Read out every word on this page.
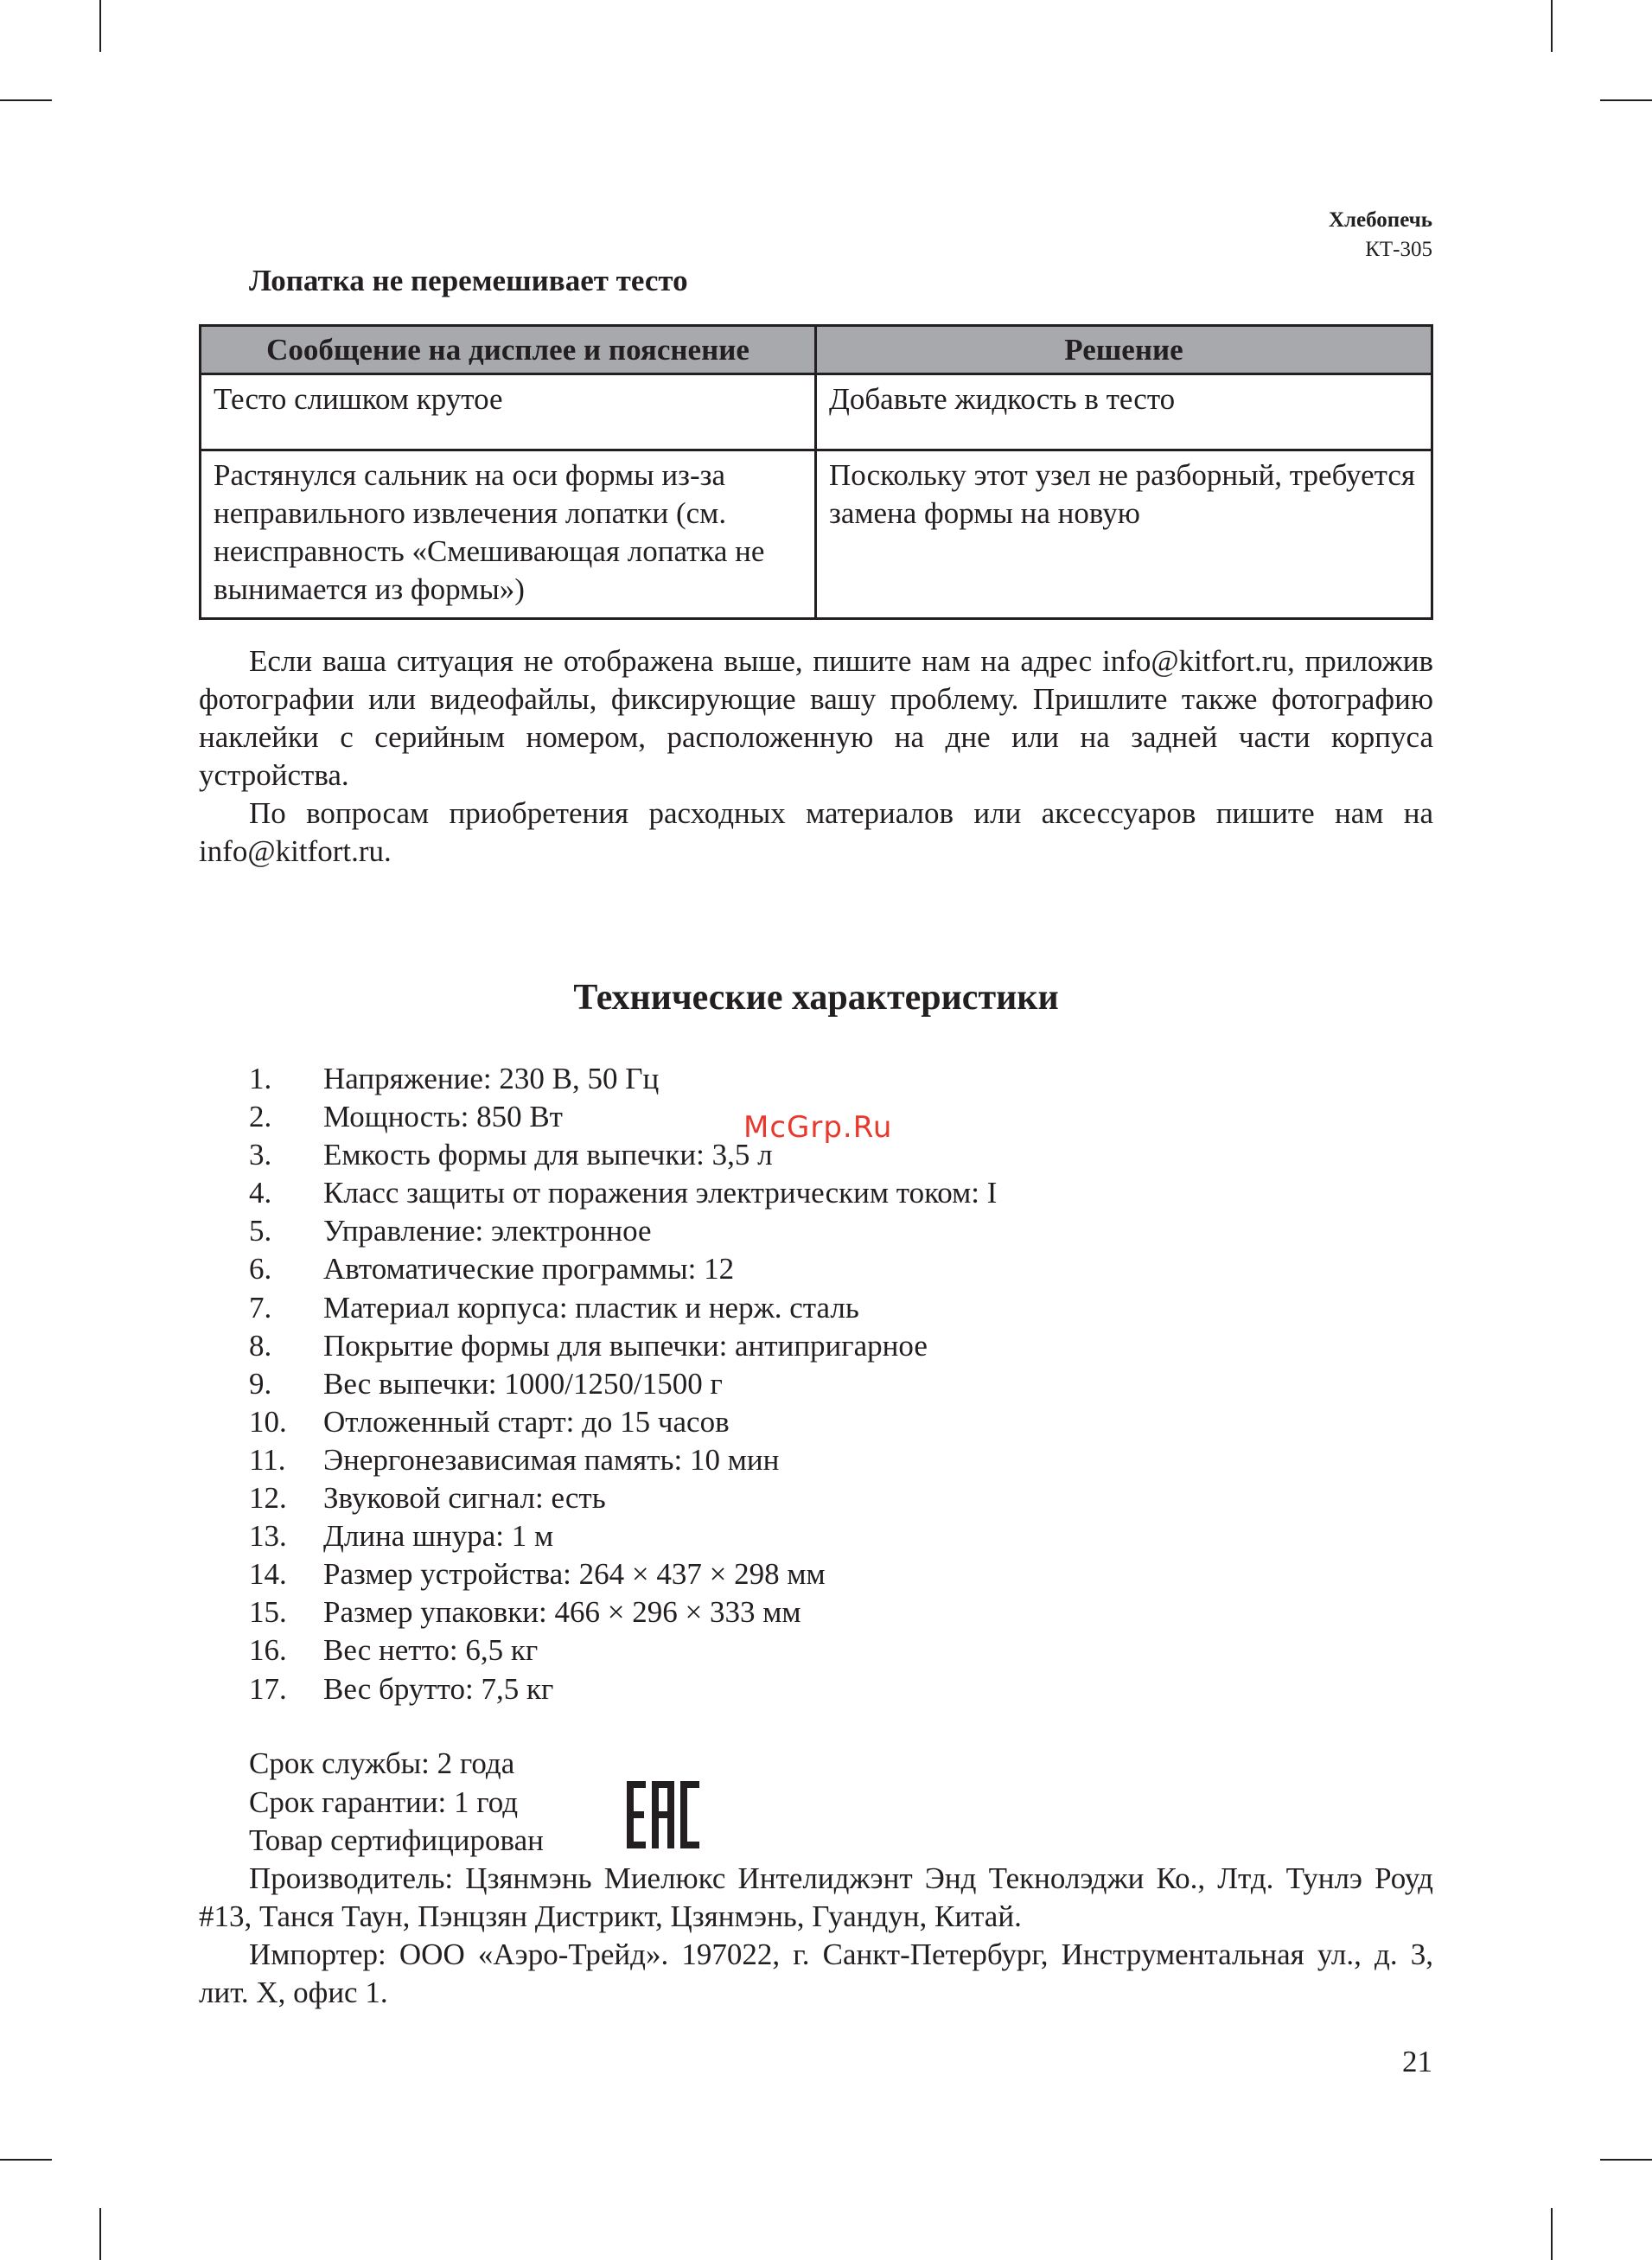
Хлебопечь
КТ-305
Лопатка не перемешивает тесто
Сообщение на дисплее и пояснение	Решение
Тесто слишком крутое	Добавьте жидкость в тесто
Растянулся сальник на оси формы из-за неправильного извлечения лопатки (см. неисправность «Смешивающая лопатка не вынимается из формы»)	Поскольку этот узел не разборный, требуется замена формы на новую

Если ваша ситуация не отображена выше, пишите нам на адрес info@kitfort.ru, приложив фотографии или видеофайлы, фиксирующие вашу проблему. Пришлите также фотографию наклейки с серийным номером, расположенную на дне или на задней части корпуса устройства.

По вопросам приобретения расходных материалов или аксессуаров пишите нам на info@kitfort.ru.

Технические характеристики
1.	Напряжение: 230 В, 50 Гц
2.	Мощность: 850 Вт
3.	Емкость формы для выпечки: 3,5 л
4.	Класс защиты от поражения электрическим током: I
5.	Управление: электронное
6.	Автоматические программы: 12
7.	Материал корпуса: пластик и нерж. сталь
8.	Покрытие формы для выпечки: антипригарное
9.	Вес выпечки: 1000/1250/1500 г
10.	Отложенный старт: до 15 часов
11.	Энергонезависимая память: 10 мин
12.	Звуковой сигнал: есть
13.	Длина шнура: 1 м
14.	Размер устройства: 264 × 437 × 298 мм
15.	Размер упаковки: 466 × 296 × 333 мм
16.	Вес нетто: 6,5 кг
17.	Вес брутто: 7,5 кг
McGrp.Ru
Срок службы: 2 года
Срок гарантии: 1 год
Товар сертифицирован

Производитель: Цзянмэнь Миелюкс Интелиджэнт Энд Текнолэджи Ко., Лтд. Тунлэ Роуд #13, Танся Таун, Пэнцзян Дистрикт, Цзянмэнь, Гуандун, Китай.

Импортер: ООО «Аэро-Трейд». 197022, г. Санкт-Петербург, Инструментальная ул., д. 3, лит. Х, офис 1.

21
